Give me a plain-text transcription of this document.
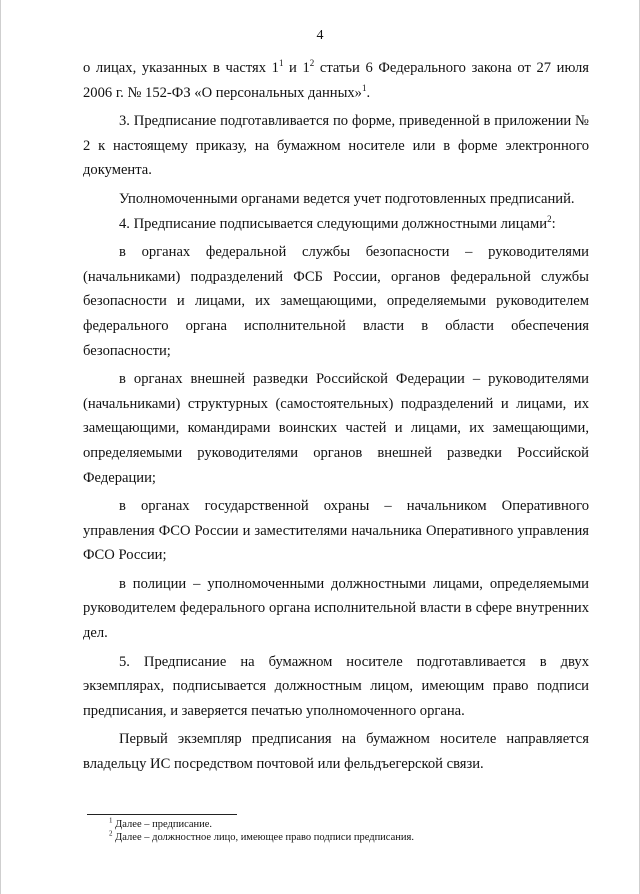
4

о лицах, указанных в частях $1^1$ и $1^2$ статьи 6 Федерального закона от 27 июля 2006 г. № 152-ФЗ «О персональных данных»$^1$.

3. Предписание подготавливается по форме, приведенной в приложении № 2 к настоящему приказу, на бумажном носителе или в форме электронного документа.

Уполномоченными органами ведется учет подготовленных предписаний.

4. Предписание подписывается следующими должностными лицами$^2$:

в органах федеральной службы безопасности – руководителями (начальниками) подразделений ФСБ России, органов федеральной службы безопасности и лицами, их замещающими, определяемыми руководителем федерального органа исполнительной власти в области обеспечения безопасности;

в органах внешней разведки Российской Федерации – руководителями (начальниками) структурных (самостоятельных) подразделений и лицами, их замещающими, командирами воинских частей и лицами, их замещающими, определяемыми руководителями органов внешней разведки Российской Федерации;

в органах государственной охраны – начальником Оперативного управления ФСО России и заместителями начальника Оперативного управления ФСО России;

в полиции – уполномоченными должностными лицами, определяемыми руководителем федерального органа исполнительной власти в сфере внутренних дел.

5. Предписание на бумажном носителе подготавливается в двух экземплярах, подписывается должностным лицом, имеющим право подписи предписания, и заверяется печатью уполномоченного органа.

Первый экземпляр предписания на бумажном носителе направляется владельцу ИС посредством почтовой или фельдъегерской связи.

$^1$ Далее – предписание.

$^2$ Далее – должностное лицо, имеющее право подписи предписания.
